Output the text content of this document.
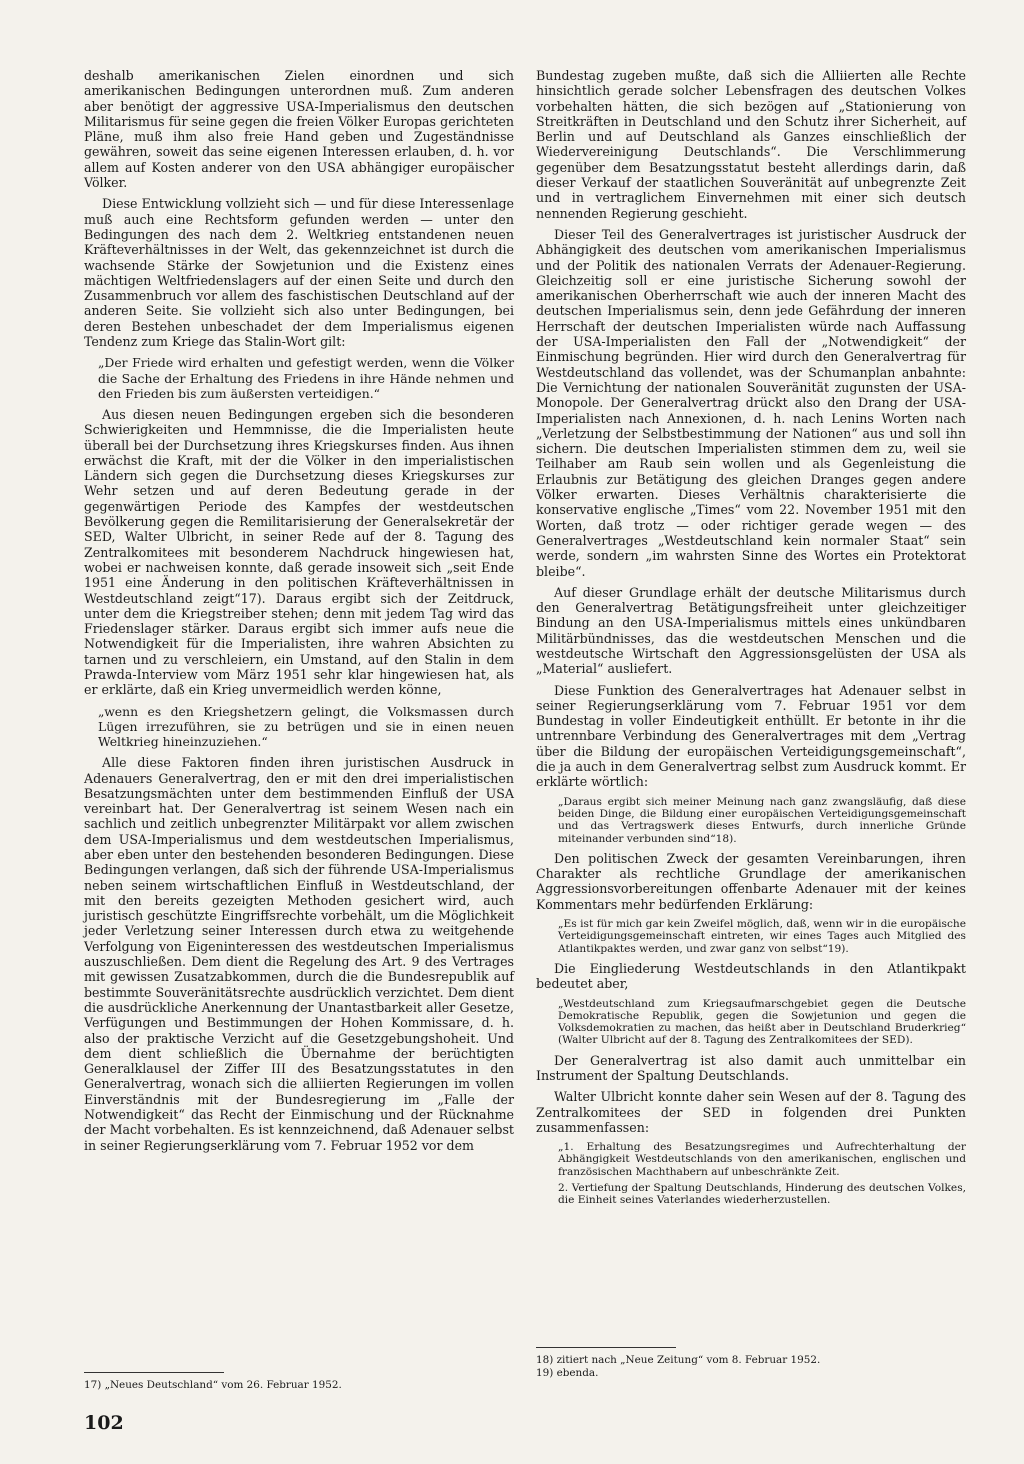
deshalb amerikanischen Zielen einordnen und sich amerikanischen Bedingungen unterordnen muß. Zum anderen aber benötigt der aggressive USA-Imperialismus den deutschen Militarismus für seine gegen die freien Völker Europas gerichteten Pläne, muß ihm also freie Hand geben und Zugeständnisse gewähren, soweit das seine eigenen Interessen erlauben, d. h. vor allem auf Kosten anderer von den USA abhängiger europäischer Völker.

Diese Entwicklung vollzieht sich — und für diese Interessenlage muß auch eine Rechtsform gefunden werden — unter den Bedingungen des nach dem 2. Weltkrieg entstandenen neuen Kräfteverhältnisses in der Welt, das gekennzeichnet ist durch die wachsende Stärke der Sowjetunion und die Existenz eines mächtigen Weltfriedenslagers auf der einen Seite und durch den Zusammenbruch vor allem des faschistischen Deutschland auf der anderen Seite. Sie vollzieht sich also unter Bedingungen, bei deren Bestehen unbeschadet der dem Imperialismus eigenen Tendenz zum Kriege das Stalin-Wort gilt:

„Der Friede wird erhalten und gefestigt werden, wenn die Völker die Sache der Erhaltung des Friedens in ihre Hände nehmen und den Frieden bis zum äußersten verteidigen.“

Aus diesen neuen Bedingungen ergeben sich die besonderen Schwierigkeiten und Hemmnisse, die die Imperialisten heute überall bei der Durchsetzung ihres Kriegskurses finden. Aus ihnen erwächst die Kraft, mit der die Völker in den imperialistischen Ländern sich gegen die Durchsetzung dieses Kriegskurses zur Wehr setzen und auf deren Bedeutung gerade in der gegenwärtigen Periode des Kampfes der westdeutschen Bevölkerung gegen die Remilitarisierung der Generalsekretär der SED, Walter Ulbricht, in seiner Rede auf der 8. Tagung des Zentralkomitees mit besonderem Nachdruck hingewiesen hat, wobei er nachweisen konnte, daß gerade insoweit sich „seit Ende 1951 eine Änderung in den politischen Kräfteverhältnissen in Westdeutschland zeigt“17). Daraus ergibt sich der Zeitdruck, unter dem die Kriegstreiber stehen; denn mit jedem Tag wird das Friedenslager stärker. Daraus ergibt sich immer aufs neue die Notwendigkeit für die Imperialisten, ihre wahren Absichten zu tarnen und zu verschleiern, ein Umstand, auf den Stalin in dem Prawda-Interview vom März 1951 sehr klar hingewiesen hat, als er erklärte, daß ein Krieg unvermeidlich werden könne,

„wenn es den Kriegshetzern gelingt, die Volksmassen durch Lügen irrezuführen, sie zu betrügen und sie in einen neuen Weltkrieg hineinzuziehen.“

Alle diese Faktoren finden ihren juristischen Ausdruck in Adenauers Generalvertrag, den er mit den drei imperialistischen Besatzungsmächten unter dem bestimmenden Einfluß der USA vereinbart hat. Der Generalvertrag ist seinem Wesen nach ein sachlich und zeitlich unbegrenzter Militärpakt vor allem zwischen dem USA-Imperialismus und dem westdeutschen Imperialismus, aber eben unter den bestehenden besonderen Bedingungen. Diese Bedingungen verlangen, daß sich der führende USA-Imperialismus neben seinem wirtschaftlichen Einfluß in Westdeutschland, der mit den bereits gezeigten Methoden gesichert wird, auch juristisch geschützte Eingriffsrechte vorbehält, um die Möglichkeit jeder Verletzung seiner Interessen durch etwa zu weitgehende Verfolgung von Eigeninteressen des westdeutschen Imperialismus auszuschließen. Dem dient die Regelung des Art. 9 des Vertrages mit gewissen Zusatzabkommen, durch die die Bundesrepublik auf bestimmte Souveränitätsrechte ausdrücklich verzichtet. Dem dient die ausdrückliche Anerkennung der Unantastbarkeit aller Gesetze, Verfügungen und Bestimmungen der Hohen Kommissare, d. h. also der praktische Verzicht auf die Gesetzgebungshoheit. Und dem dient schließlich die Übernahme der berüchtigten Generalklausel der Ziffer III des Besatzungsstatutes in den Generalvertrag, wonach sich die alliierten Regierungen im vollen Einverständnis mit der Bundesregierung im „Falle der Notwendigkeit“ das Recht der Einmischung und der Rücknahme der Macht vorbehalten. Es ist kennzeichnend, daß Adenauer selbst in seiner Regierungserklärung vom 7. Februar 1952 vor dem

17) „Neues Deutschland“ vom 26. Februar 1952.

Bundestag zugeben mußte, daß sich die Alliierten alle Rechte hinsichtlich gerade solcher Lebensfragen des deutschen Volkes vorbehalten hätten, die sich bezögen auf „Stationierung von Streitkräften in Deutschland und den Schutz ihrer Sicherheit, auf Berlin und auf Deutschland als Ganzes einschließlich der Wiedervereinigung Deutschlands“. Die Verschlimmerung gegenüber dem Besatzungsstatut besteht allerdings darin, daß dieser Verkauf der staatlichen Souveränität auf unbegrenzte Zeit und in vertraglichem Einvernehmen mit einer sich deutsch nennenden Regierung geschieht.

Dieser Teil des Generalvertrages ist juristischer Ausdruck der Abhängigkeit des deutschen vom amerikanischen Imperialismus und der Politik des nationalen Verrats der Adenauer-Regierung. Gleichzeitig soll er eine juristische Sicherung sowohl der amerikanischen Oberherrschaft wie auch der inneren Macht des deutschen Imperialismus sein, denn jede Gefährdung der inneren Herrschaft der deutschen Imperialisten würde nach Auffassung der USA-Imperialisten den Fall der „Notwendigkeit“ der Einmischung begründen. Hier wird durch den Generalvertrag für Westdeutschland das vollendet, was der Schumanplan anbahnte: Die Vernichtung der nationalen Souveränität zugunsten der USA-Monopole. Der Generalvertrag drückt also den Drang der USA-Imperialisten nach Annexionen, d. h. nach Lenins Worten nach „Verletzung der Selbstbestimmung der Nationen“ aus und soll ihn sichern. Die deutschen Imperialisten stimmen dem zu, weil sie Teilhaber am Raub sein wollen und als Gegenleistung die Erlaubnis zur Betätigung des gleichen Dranges gegen andere Völker erwarten. Dieses Verhältnis charakterisierte die konservative englische „Times“ vom 22. November 1951 mit den Worten, daß trotz — oder richtiger gerade wegen — des Generalvertrages „Westdeutschland kein normaler Staat“ sein werde, sondern „im wahrsten Sinne des Wortes ein Protektorat bleibe“.

Auf dieser Grundlage erhält der deutsche Militarismus durch den Generalvertrag Betätigungsfreiheit unter gleichzeitiger Bindung an den USA-Imperialismus mittels eines unkündbaren Militärbündnisses, das die westdeutschen Menschen und die westdeutsche Wirtschaft den Aggressionsgelüsten der USA als „Material“ ausliefert.

Diese Funktion des Generalvertrages hat Adenauer selbst in seiner Regierungserklärung vom 7. Februar 1951 vor dem Bundestag in voller Eindeutigkeit enthüllt. Er betonte in ihr die untrennbare Verbindung des Generalvertrages mit dem „Vertrag über die Bildung der europäischen Verteidigungsgemeinschaft“, die ja auch in dem Generalvertrag selbst zum Ausdruck kommt. Er erklärte wörtlich:

„Daraus ergibt sich meiner Meinung nach ganz zwangsläufig, daß diese beiden Dinge, die Bildung einer europäischen Verteidigungsgemeinschaft und das Vertragswerk dieses Entwurfs, durch innerliche Gründe miteinander verbunden sind“18).

Den politischen Zweck der gesamten Vereinbarungen, ihren Charakter als rechtliche Grundlage der amerikanischen Aggressionsvorbereitungen offenbarte Adenauer mit der keines Kommentars mehr bedürfenden Erklärung:

„Es ist für mich gar kein Zweifel möglich, daß, wenn wir in die europäische Verteidigungsgemeinschaft eintreten, wir eines Tages auch Mitglied des Atlantikpaktes werden, und zwar ganz von selbst“19).

Die Eingliederung Westdeutschlands in den Atlantikpakt bedeutet aber,

„Westdeutschland zum Kriegsaufmarschgebiet gegen die Deutsche Demokratische Republik, gegen die Sowjetunion und gegen die Volksdemokratien zu machen, das heißt aber in Deutschland Bruderkrieg“ (Walter Ulbricht auf der 8. Tagung des Zentralkomitees der SED).

Der Generalvertrag ist also damit auch unmittelbar ein Instrument der Spaltung Deutschlands.

Walter Ulbricht konnte daher sein Wesen auf der 8. Tagung des Zentralkomitees der SED in folgenden drei Punkten zusammenfassen:

„1. Erhaltung des Besatzungsregimes und Aufrechterhaltung der Abhängigkeit Westdeutschlands von den amerikanischen, englischen und französischen Machthabern auf unbeschränkte Zeit.
2. Vertiefung der Spaltung Deutschlands, Hinderung des deutschen Volkes, die Einheit seines Vaterlandes wiederherzustellen.

18) zitiert nach „Neue Zeitung“ vom 8. Februar 1952.

19) ebenda.

102
